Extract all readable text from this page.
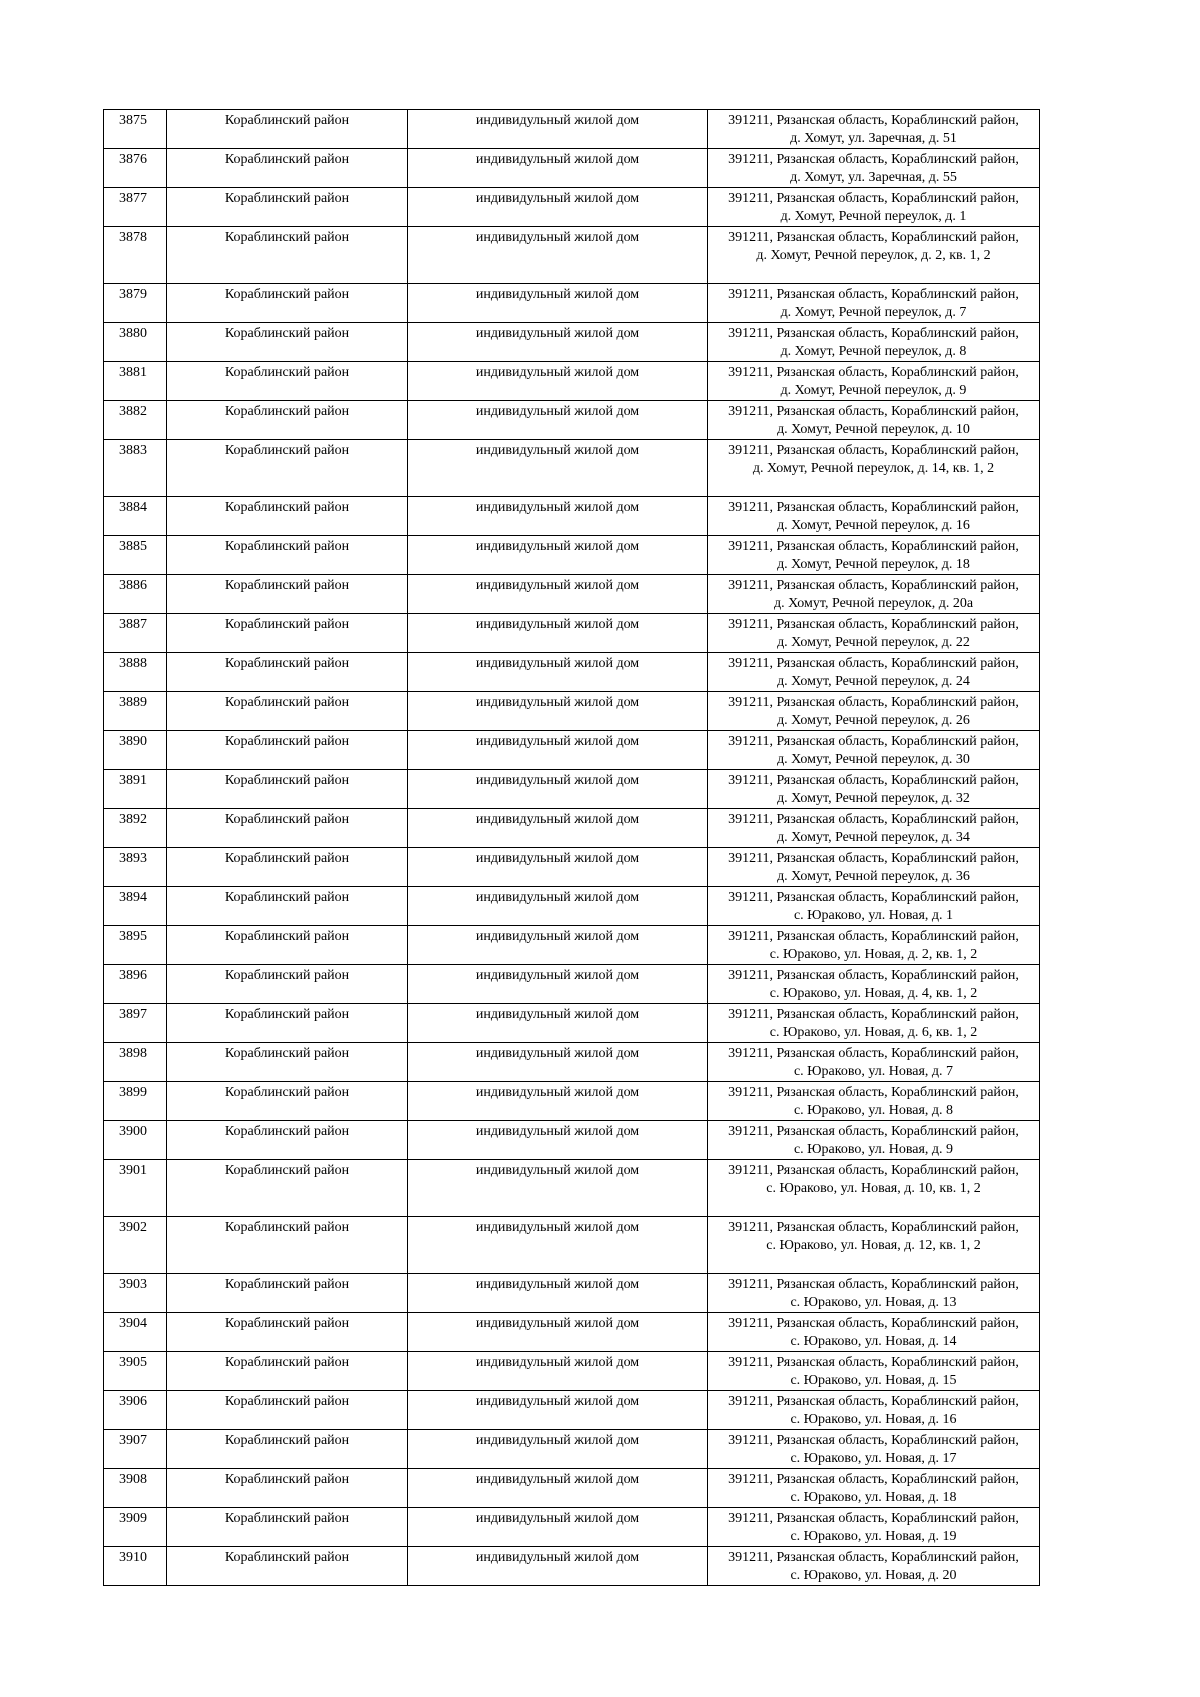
3875	Кораблинский район	индивидульный жилой дом	391211, Рязанская область, Кораблинский район,
д. Хомут, ул. Заречная, д. 51

3876	Кораблинский район	индивидульный жилой дом	391211, Рязанская область, Кораблинский район,
д. Хомут, ул. Заречная, д. 55

3877	Кораблинский район	индивидульный жилой дом	391211, Рязанская область, Кораблинский район,
д. Хомут, Речной переулок, д. 1

3878	Кораблинский район	индивидульный жилой дом	391211, Рязанская область, Кораблинский район,
д. Хомут, Речной переулок, д. 2, кв. 1, 2

3879	Кораблинский район	индивидульный жилой дом	391211, Рязанская область, Кораблинский район,
д. Хомут, Речной переулок, д. 7

3880	Кораблинский район	индивидульный жилой дом	391211, Рязанская область, Кораблинский район,
д. Хомут, Речной переулок, д. 8

3881	Кораблинский район	индивидульный жилой дом	391211, Рязанская область, Кораблинский район,
д. Хомут, Речной переулок, д. 9

3882	Кораблинский район	индивидульный жилой дом	391211, Рязанская область, Кораблинский район,
д. Хомут, Речной переулок, д. 10

3883	Кораблинский район	индивидульный жилой дом	391211, Рязанская область, Кораблинский район,
д. Хомут, Речной переулок, д. 14, кв. 1, 2

3884	Кораблинский район	индивидульный жилой дом	391211, Рязанская область, Кораблинский район,
д. Хомут, Речной переулок, д. 16

3885	Кораблинский район	индивидульный жилой дом	391211, Рязанская область, Кораблинский район,
д. Хомут, Речной переулок, д. 18

3886	Кораблинский район	индивидульный жилой дом	391211, Рязанская область, Кораблинский район,
д. Хомут, Речной переулок, д. 20а

3887	Кораблинский район	индивидульный жилой дом	391211, Рязанская область, Кораблинский район,
д. Хомут, Речной переулок, д. 22

3888	Кораблинский район	индивидульный жилой дом	391211, Рязанская область, Кораблинский район,
д. Хомут, Речной переулок, д. 24

3889	Кораблинский район	индивидульный жилой дом	391211, Рязанская область, Кораблинский район,
д. Хомут, Речной переулок, д. 26

3890	Кораблинский район	индивидульный жилой дом	391211, Рязанская область, Кораблинский район,
д. Хомут, Речной переулок, д. 30

3891	Кораблинский район	индивидульный жилой дом	391211, Рязанская область, Кораблинский район,
д. Хомут, Речной переулок, д. 32

3892	Кораблинский район	индивидульный жилой дом	391211, Рязанская область, Кораблинский район,
д. Хомут, Речной переулок, д. 34

3893	Кораблинский район	индивидульный жилой дом	391211, Рязанская область, Кораблинский район,
д. Хомут, Речной переулок, д. 36

3894	Кораблинский район	индивидульный жилой дом	391211, Рязанская область, Кораблинский район,
с. Юраково, ул. Новая, д. 1

3895	Кораблинский район	индивидульный жилой дом	391211, Рязанская область, Кораблинский район,
с. Юраково, ул. Новая, д. 2, кв. 1, 2

3896	Кораблинский район	индивидульный жилой дом	391211, Рязанская область, Кораблинский район,
с. Юраково, ул. Новая, д. 4, кв. 1, 2

3897	Кораблинский район	индивидульный жилой дом	391211, Рязанская область, Кораблинский район,
с. Юраково, ул. Новая, д. 6, кв. 1, 2

3898	Кораблинский район	индивидульный жилой дом	391211, Рязанская область, Кораблинский район,
с. Юраково, ул. Новая, д. 7

3899	Кораблинский район	индивидульный жилой дом	391211, Рязанская область, Кораблинский район,
с. Юраково, ул. Новая, д. 8

3900	Кораблинский район	индивидульный жилой дом	391211, Рязанская область, Кораблинский район,
с. Юраково, ул. Новая, д. 9

3901	Кораблинский район	индивидульный жилой дом	391211, Рязанская область, Кораблинский район,
с. Юраково, ул. Новая, д. 10, кв. 1, 2

3902	Кораблинский район	индивидульный жилой дом	391211, Рязанская область, Кораблинский район,
с. Юраково, ул. Новая, д. 12, кв. 1, 2

3903	Кораблинский район	индивидульный жилой дом	391211, Рязанская область, Кораблинский район,
с. Юраково, ул. Новая, д. 13

3904	Кораблинский район	индивидульный жилой дом	391211, Рязанская область, Кораблинский район,
с. Юраково, ул. Новая, д. 14

3905	Кораблинский район	индивидульный жилой дом	391211, Рязанская область, Кораблинский район,
с. Юраково, ул. Новая, д. 15

3906	Кораблинский район	индивидульный жилой дом	391211, Рязанская область, Кораблинский район,
с. Юраково, ул. Новая, д. 16

3907	Кораблинский район	индивидульный жилой дом	391211, Рязанская область, Кораблинский район,
с. Юраково, ул. Новая, д. 17

3908	Кораблинский район	индивидульный жилой дом	391211, Рязанская область, Кораблинский район,
с. Юраково, ул. Новая, д. 18

3909	Кораблинский район	индивидульный жилой дом	391211, Рязанская область, Кораблинский район,
с. Юраково, ул. Новая, д. 19

3910	Кораблинский район	индивидульный жилой дом	391211, Рязанская область, Кораблинский район,
с. Юраково, ул. Новая, д. 20
